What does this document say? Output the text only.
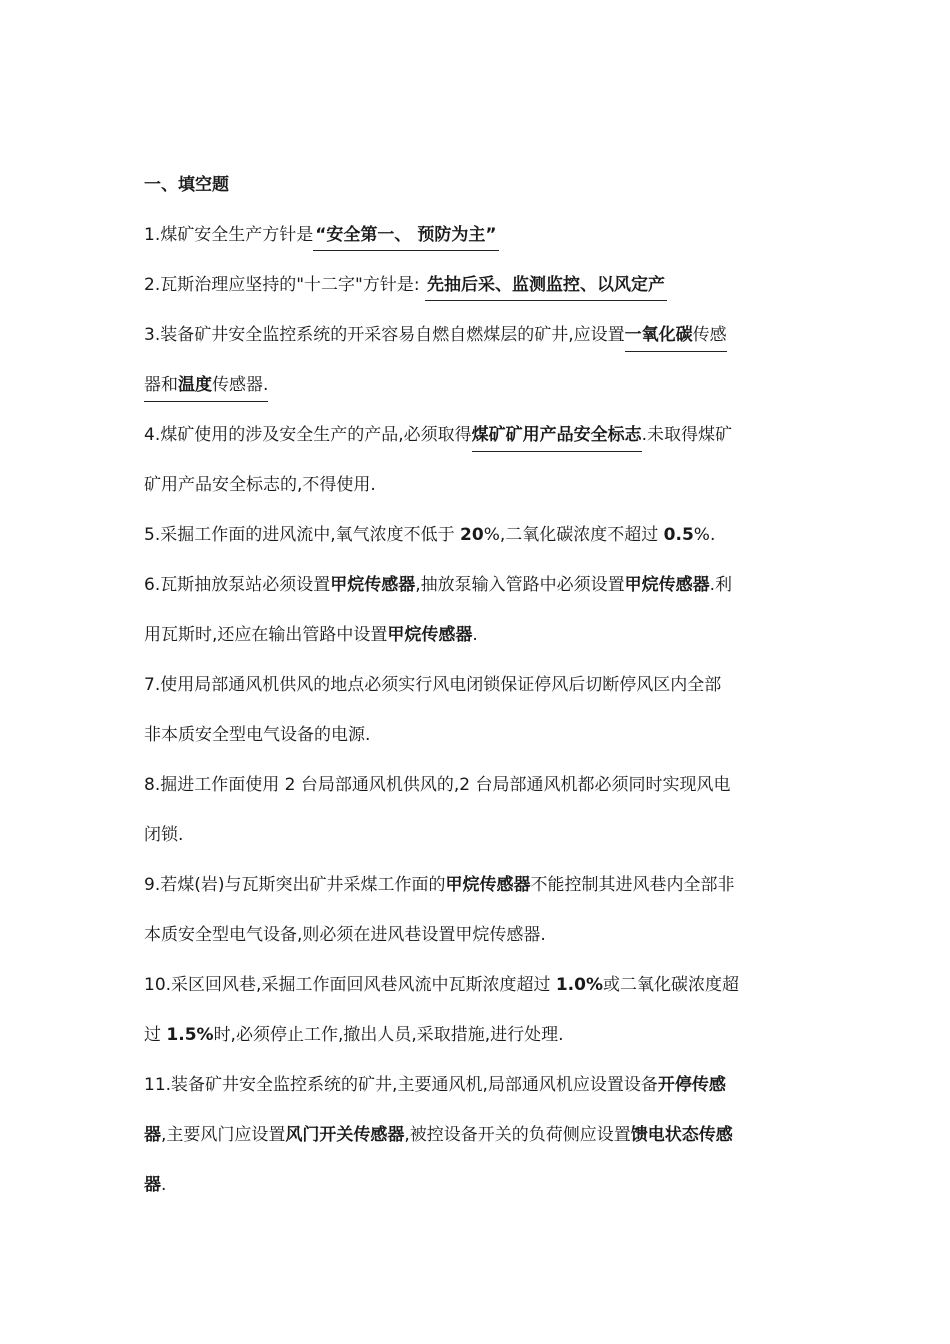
一、填空题

1.煤矿安全生产方针是 “安全第一、 预防为主”

2.瓦斯治理应坚持的"十二字"方针是: 先抽后采、监测监控、以风定产

3.装备矿井安全监控系统的开采容易自燃自燃煤层的矿井,应设置一氧化碳传感
器和温度传感器.

4.煤矿使用的涉及安全生产的产品,必须取得煤矿矿用产品安全标志.未取得煤矿
矿用产品安全标志的,不得使用.

5.采掘工作面的进风流中,氧气浓度不低于 20%,二氧化碳浓度不超过 0.5%.

6.瓦斯抽放泵站必须设置甲烷传感器,抽放泵输入管路中必须设置甲烷传感器.利
用瓦斯时,还应在输出管路中设置甲烷传感器.

7.使用局部通风机供风的地点必须实行风电闭锁保证停风后切断停风区内全部
非本质安全型电气设备的电源.

8.掘进工作面使用 2 台局部通风机供风的,2 台局部通风机都必须同时实现风电
闭锁.

9.若煤(岩)与瓦斯突出矿井采煤工作面的甲烷传感器不能控制其进风巷内全部非
本质安全型电气设备,则必须在进风巷设置甲烷传感器.

10.采区回风巷,采掘工作面回风巷风流中瓦斯浓度超过 1.0%或二氧化碳浓度超
过 1.5%时,必须停止工作,撤出人员,采取措施,进行处理.

11.装备矿井安全监控系统的矿井,主要通风机,局部通风机应设置设备开停传感
器,主要风门应设置风门开关传感器,被控设备开关的负荷侧应设置馈电状态传感
器.
